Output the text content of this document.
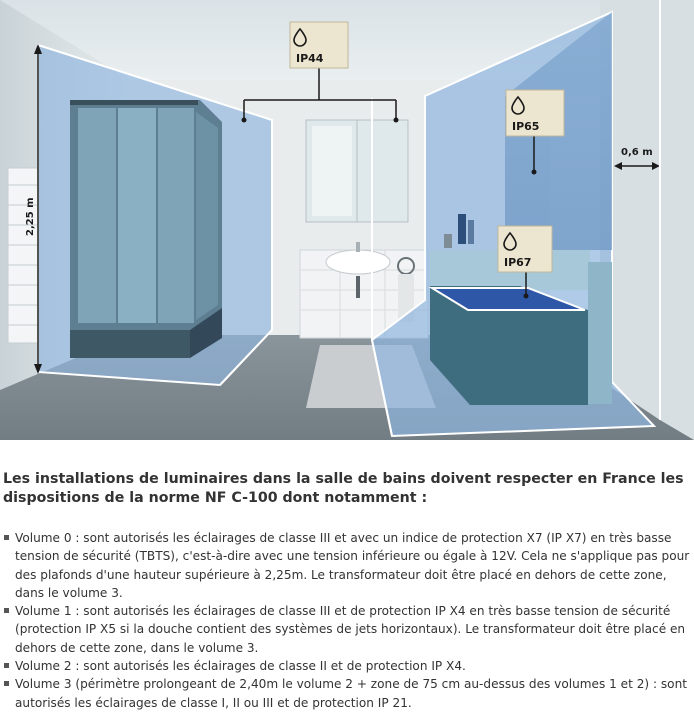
IP44
IP65
IP67
2,25 m
0,6 m

Les installations de luminaires dans la salle de bains doivent respecter en France les dispositions de la norme NF C-100 dont notamment :

Volume 0 : sont autorisés les éclairages de classe III et avec un indice de protection X7 (IP X7) en très basse tension de sécurité (TBTS), c'est-à-dire avec une tension inférieure ou égale à 12V. Cela ne s'applique pas pour des plafonds d'une hauteur supérieure à 2,25m. Le transformateur doit être placé en dehors de cette zone, dans le volume 3.
Volume 1 : sont autorisés les éclairages de classe III et de protection IP X4 en très basse tension de sécurité (protection IP X5 si la douche contient des systèmes de jets horizontaux). Le transformateur doit être placé en dehors de cette zone, dans le volume 3.
Volume 2 : sont autorisés les éclairages de classe II et de protection IP X4.
Volume 3 (périmètre prolongeant de 2,40m le volume 2 + zone de 75 cm au-dessus des volumes 1 et 2) : sont autorisés les éclairages de classe I, II ou III et de protection IP 21.
